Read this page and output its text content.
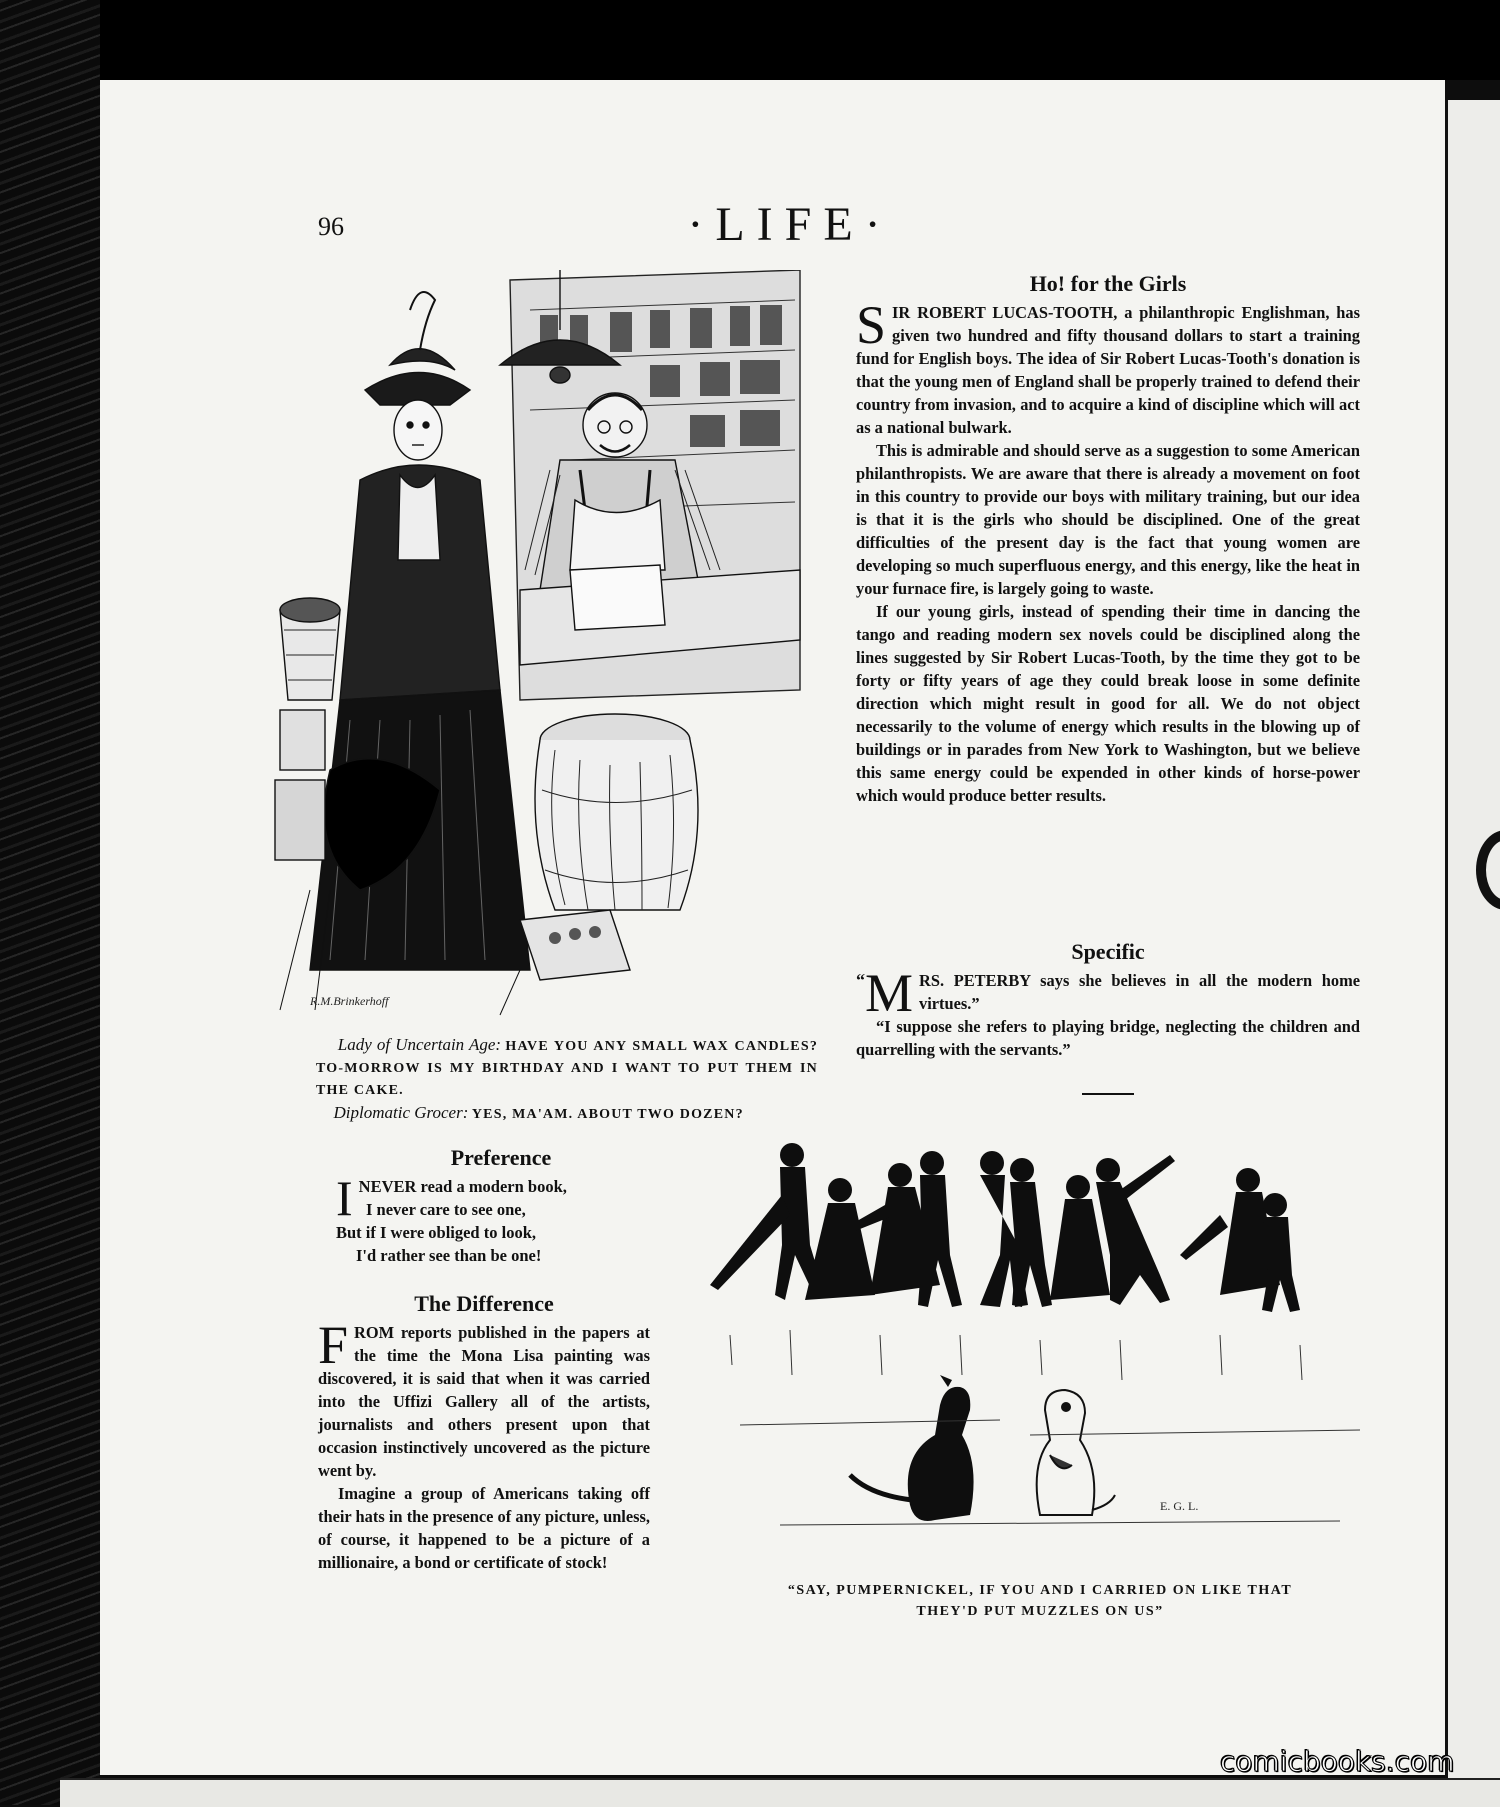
96	·LIFE·
R.M.Brinkerhoff
Lady of Uncertain Age: HAVE YOU ANY SMALL WAX CANDLES? TO-MORROW IS MY BIRTHDAY AND I WANT TO PUT THEM IN THE CAKE.
Diplomatic Grocer: YES, MA'AM. ABOUT TWO DOZEN?
Ho! for the Girls

SIR ROBERT LUCAS-TOOTH, a philanthropic Englishman, has given two hundred and fifty thousand dollars to start a training fund for English boys. The idea of Sir Robert Lucas-Tooth's donation is that the young men of England shall be properly trained to defend their country from invasion, and to acquire a kind of discipline which will act as a national bulwark.

This is admirable and should serve as a suggestion to some American philanthropists. We are aware that there is already a movement on foot in this country to provide our boys with military training, but our idea is that it is the girls who should be disciplined. One of the great difficulties of the present day is the fact that young women are developing so much superfluous energy, and this energy, like the heat in your furnace fire, is largely going to waste.

If our young girls, instead of spending their time in dancing the tango and reading modern sex novels could be disciplined along the lines suggested by Sir Robert Lucas-Tooth, by the time they got to be forty or fifty years of age they could break loose in some definite direction which might result in good for all. We do not object necessarily to the volume of energy which results in the blowing up of buildings or in parades from New York to Washington, but we believe this same energy could be expended in other kinds of horse-power which would produce better results.

Specific

“ M RS. PETERBY says she believes in all the modern home virtues.”

“I suppose she refers to playing bridge, neglecting the children and quarrelling with the servants.”

Preference
INEVER read a modern book,
I never care to see one,
But if I were obliged to look,
I'd rather see than be one!
The Difference

FROM reports published in the papers at the time the Mona Lisa painting was discovered, it is said that when it was carried into the Uffizi Gallery all of the artists, journalists and others present upon that occasion instinctively uncovered as the picture went by.

Imagine a group of Americans taking off their hats in the presence of any picture, unless, of course, it happened to be a picture of a millionaire, a bond or certificate of stock!

E. G. L.
“SAY, PUMPERNICKEL, IF YOU AND I CARRIED ON LIKE THAT THEY'D PUT MUZZLES ON US”
comicbooks.com
